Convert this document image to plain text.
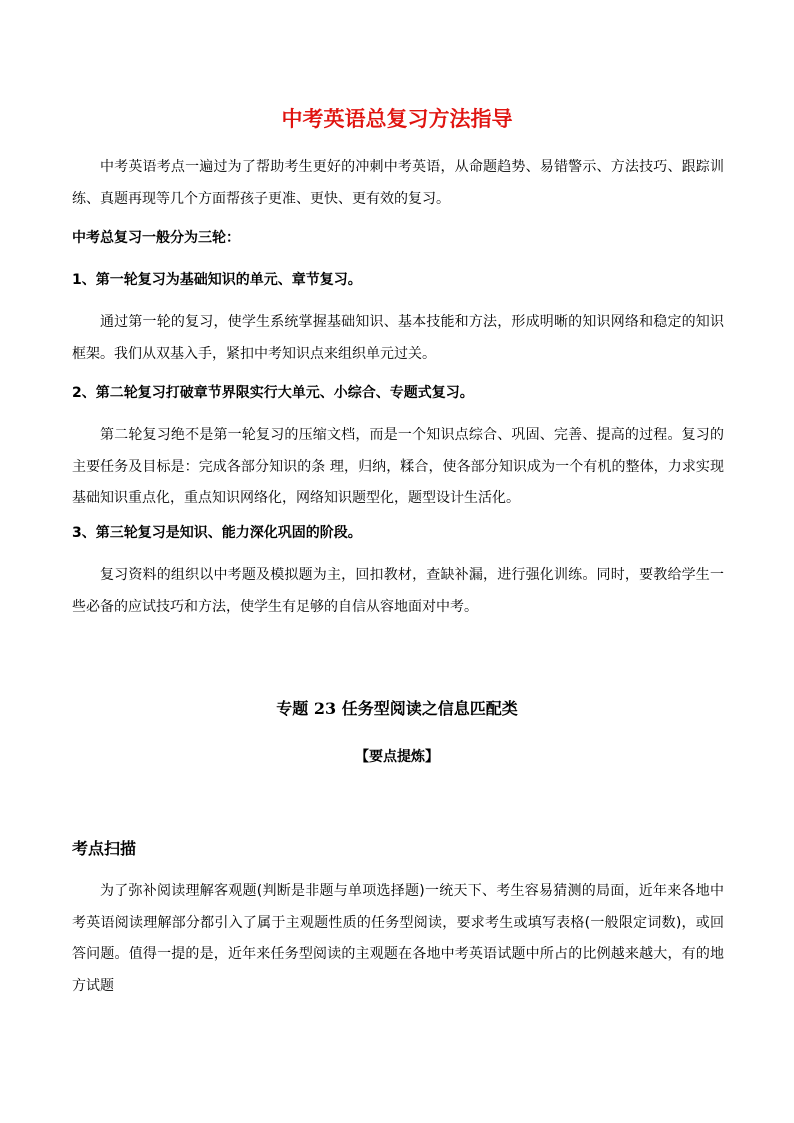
中考英语总复习方法指导
中考英语考点一遍过为了帮助考生更好的冲刺中考英语，从命题趋势、易错警示、方法技巧、跟踪训练、真题再现等几个方面帮孩子更准、更快、更有效的复习。
中考总复习一般分为三轮：
1、第一轮复习为基础知识的单元、章节复习。
通过第一轮的复习，使学生系统掌握基础知识、基本技能和方法，形成明晰的知识网络和稳定的知识框架。我们从双基入手，紧扣中考知识点来组织单元过关。
2、第二轮复习打破章节界限实行大单元、小综合、专题式复习。
第二轮复习绝不是第一轮复习的压缩文档，而是一个知识点综合、巩固、完善、提高的过程。复习的主要任务及目标是：完成各部分知识的条 理，归纳，糅合，使各部分知识成为一个有机的整体，力求实现基础知识重点化，重点知识网络化，网络知识题型化，题型设计生活化。
3、第三轮复习是知识、能力深化巩固的阶段。
复习资料的组织以中考题及模拟题为主，回扣教材，查缺补漏，进行强化训练。同时，要教给学生一些必备的应试技巧和方法，使学生有足够的自信从容地面对中考。
专题 23 任务型阅读之信息匹配类
【要点提炼】
考点扫描
为了弥补阅读理解客观题(判断是非题与单项选择题)一统天下、考生容易猜测的局面，近年来各地中考英语阅读理解部分都引入了属于主观题性质的任务型阅读，要求考生或填写表格(一般限定词数)，或回答问题。值得一提的是，近年来任务型阅读的主观题在各地中考英语试题中所占的比例越来越大，有的地方试题
